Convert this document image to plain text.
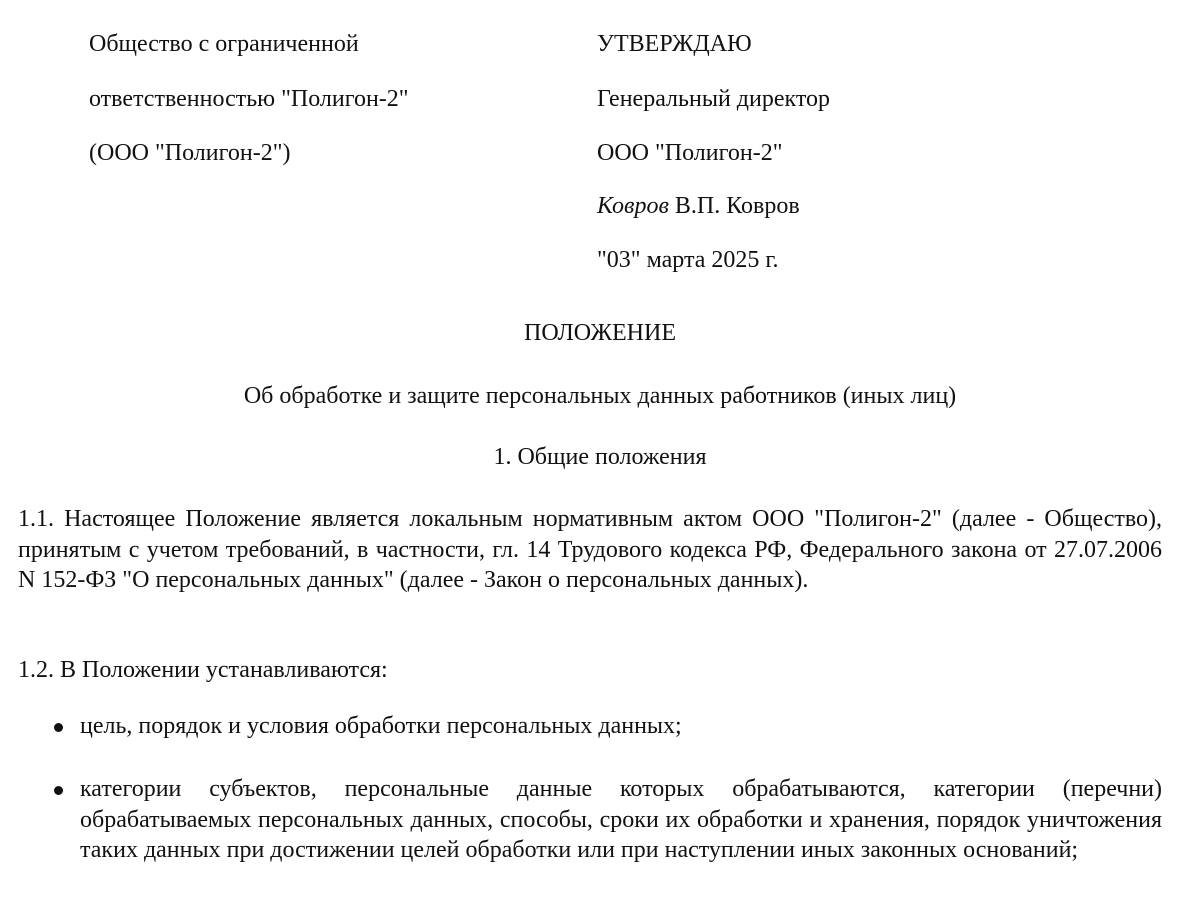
Общество с ограниченной
ответственностью "Полигон-2"
(ООО "Полигон-2")
УТВЕРЖДАЮ
Генеральный директор
ООО "Полигон-2"
Ковров В.П. Ковров
"03" марта 2025 г.
ПОЛОЖЕНИЕ
Об обработке и защите персональных данных работников (иных лиц)
1. Общие положения
1.1. Настоящее Положение является локальным нормативным актом ООО "Полигон-2" (далее - Общество), принятым с учетом требований, в частности, гл. 14 Трудового кодекса РФ, Федерального закона от 27.07.2006 N 152-ФЗ "О персональных данных" (далее - Закон о персональных данных).
1.2. В Положении устанавливаются:
цель, порядок и условия обработки персональных данных;
категории субъектов, персональные данные которых обрабатываются, категории (перечни) обрабатываемых персональных данных, способы, сроки их обработки и хранения, порядок уничтожения таких данных при достижении целей обработки или при наступлении иных законных оснований;
